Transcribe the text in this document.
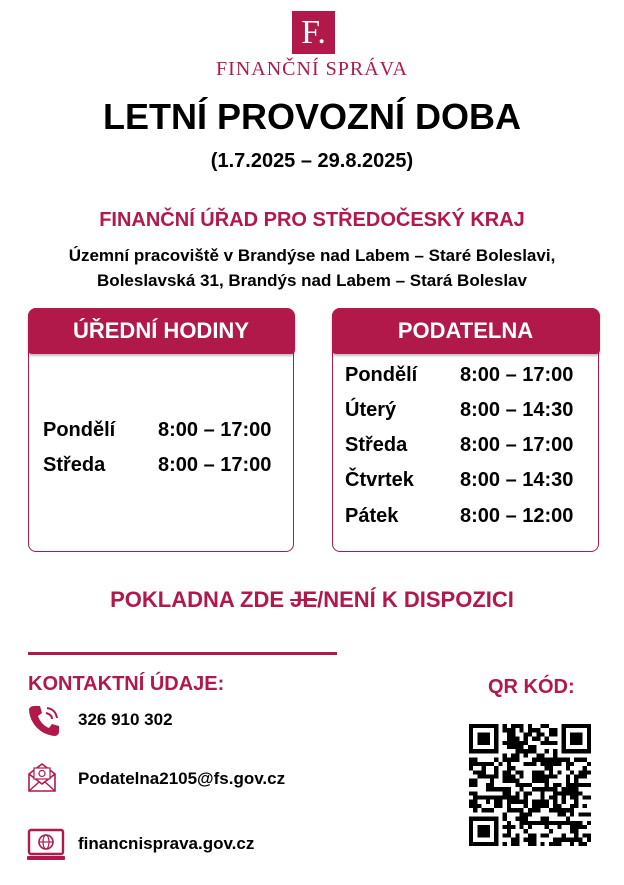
F.
FINANČNÍ SPRÁVA
LETNÍ PROVOZNÍ DOBA
(1.7.2025 – 29.8.2025)
FINANČNÍ ÚŘAD PRO STŘEDOČESKÝ KRAJ
Územní pracoviště v Brandýse nad Labem – Staré Boleslavi,
Boleslavská 31, Brandýs nad Labem – Stará Boleslav
ÚŘEDNÍ HODINY
Pondělí 8:00 – 17:00
Středa	8:00 – 17:00
PODATELNA
Pondělí 8:00 – 17:00
Úterý	8:00 – 14:30
Středa	8:00 – 17:00
Čtvrtek 8:00 – 14:30
Pátek	8:00 – 12:00
POKLADNA ZDE JE/NENÍ K DISPOZICI
KONTAKTNÍ ÚDAJE:	QR KÓD:
326 910 302
Podatelna2105@fs.gov.cz
financnisprava.gov.cz
